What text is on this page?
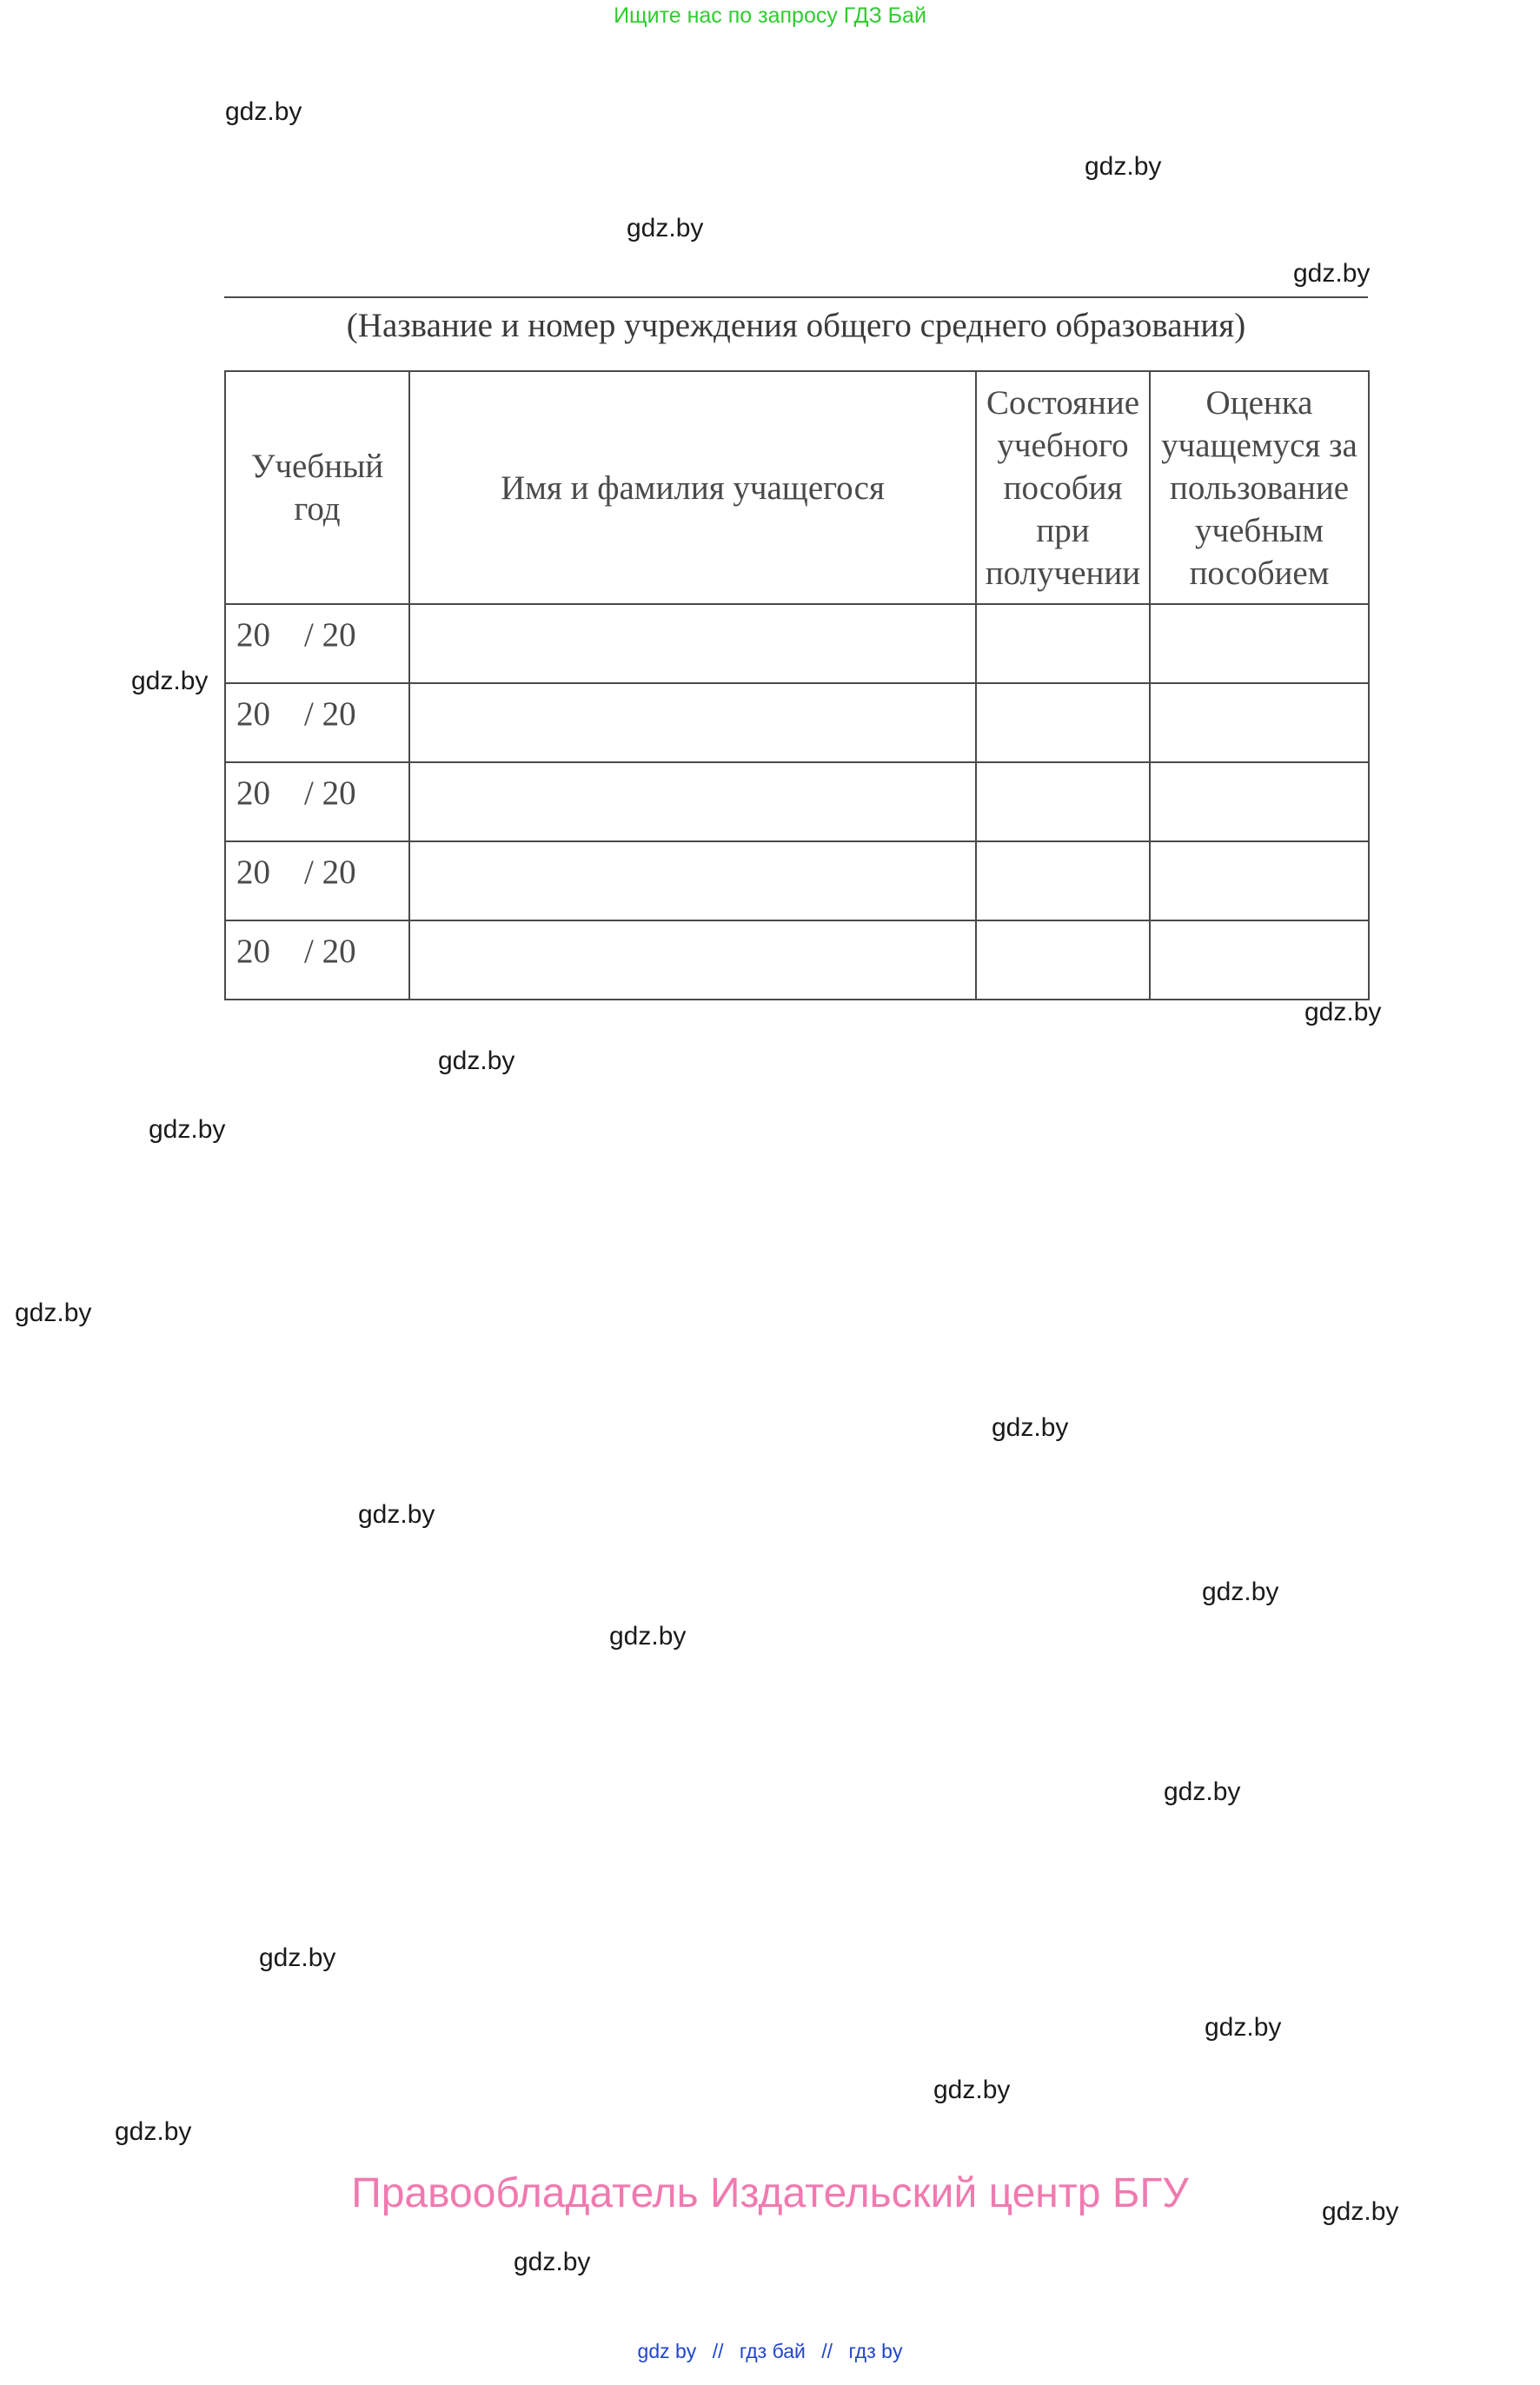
Ищите нас по запросу ГДЗ Бай
gdz.by
gdz.by
gdz.by
gdz.by
gdz.by
gdz.by
gdz.by
gdz.by
gdz.by
gdz.by
gdz.by
gdz.by
gdz.by
gdz.by
gdz.by
gdz.by
gdz.by
gdz.by
gdz.by
gdz.by
(Название и номер учреждения общего среднего образования)
Учебный год	Имя и фамилия учащегося	Состояние учебного пособия при получении	Оценка учащемуся за пользование учебным пособием
20    / 20			
20    / 20			
20    / 20			
20    / 20			
20    / 20			
Правообладатель Издательский центр БГУ
gdz by // гдз бай // гдз by
